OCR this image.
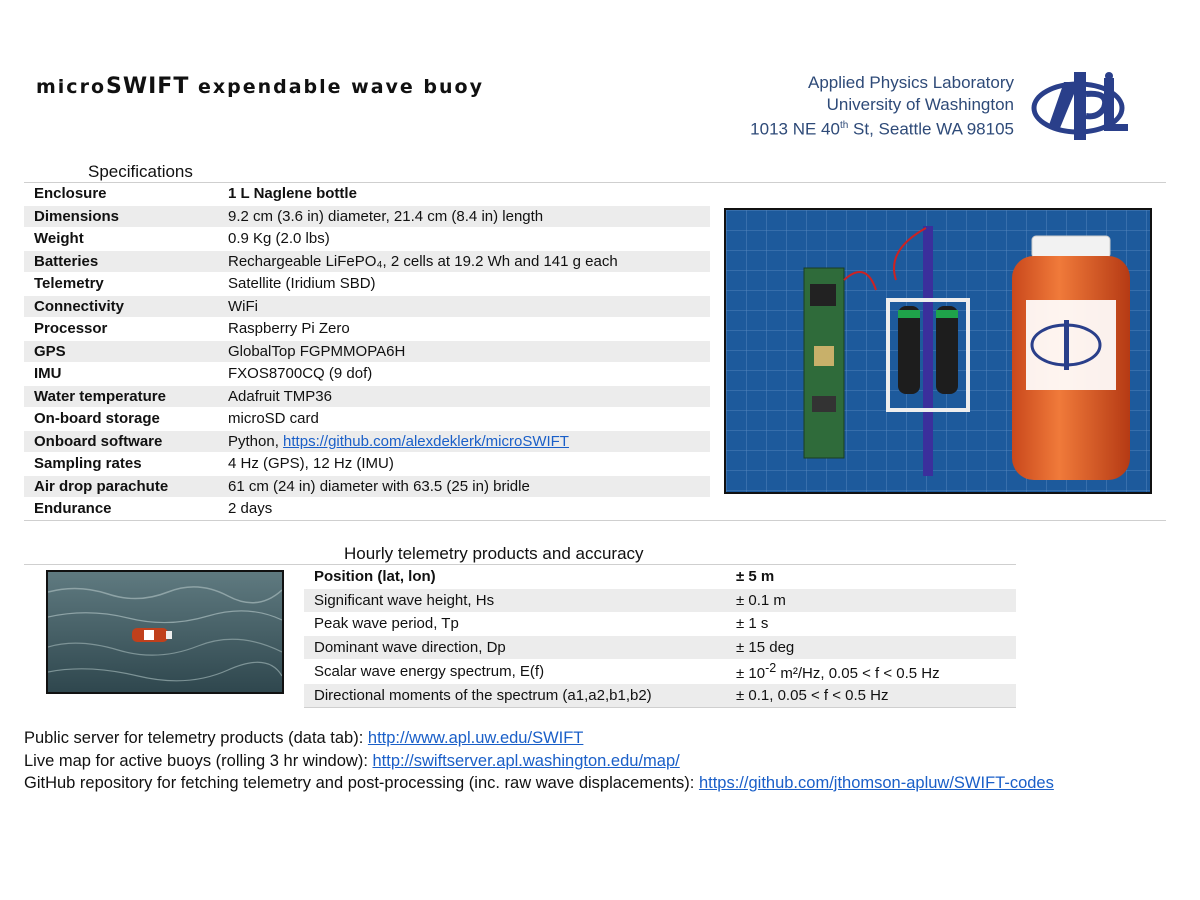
microSWIFT expendable wave buoy	Applied Physics Laboratory
University of Washington
1013 NE 40th St, Seattle WA 98105
Specifications
Enclosure	1 L Naglene bottle
Dimensions	9.2 cm (3.6 in) diameter, 21.4 cm (8.4 in) length
Weight	0.9 Kg (2.0 lbs)
Batteries	Rechargeable LiFePO₄, 2 cells at 19.2 Wh and 141 g each
Telemetry	Satellite (Iridium SBD)
Connectivity	WiFi
Processor	Raspberry Pi Zero
GPS	GlobalTop FGPMMOPA6H
IMU	FXOS8700CQ (9 dof)
Water temperature	Adafruit TMP36
On-board storage	microSD card
Onboard software	Python, https://github.com/alexdeklerk/microSWIFT
Sampling rates	4 Hz (GPS), 12 Hz (IMU)
Air drop parachute	61 cm (24 in) diameter with 63.5 (25 in) bridle
Endurance	2 days
Hourly telemetry products and accuracy
Position (lat, lon)	± 5 m
Significant wave height, Hs	± 0.1 m
Peak wave period, Tp	± 1 s
Dominant wave direction, Dp	± 15 deg
Scalar wave energy spectrum, E(f)	± $10^{-2}$ m²/Hz, 0.05 < f < 0.5 Hz
Directional moments of the spectrum (a1,a2,b1,b2)	± 0.1, 0.05 < f < 0.5 Hz
Public server for telemetry products (data tab): http://www.apl.uw.edu/SWIFT
Live map for active buoys (rolling 3 hr window): http://swiftserver.apl.washington.edu/map/
GitHub repository for fetching telemetry and post-processing (inc. raw wave displacements): https://github.com/jthomson-apluw/SWIFT-codes
